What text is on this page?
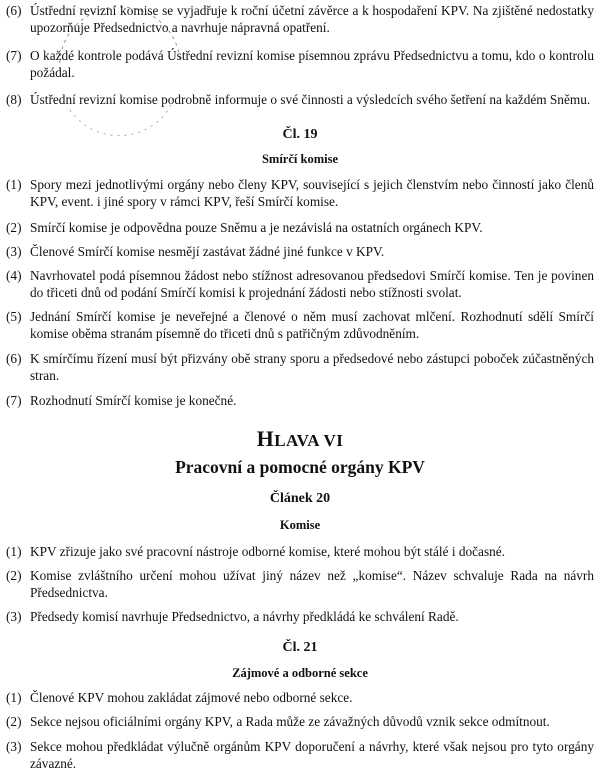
(6) Ústřední revizní komise se vyjadřuje k roční účetní závěrce a k hospodaření KPV. Na zjištěné nedostatky upozorňuje Předsednictvo a navrhuje nápravná opatření.
(7) O každé kontrole podává Ústřední revizní komise písemnou zprávu Předsednictvu a tomu, kdo o kontrolu požádal.
(8) Ústřední revizní komise podrobně informuje o své činnosti a výsledcích svého šetření na každém Sněmu.
Čl. 19
Smírčí komise
(1) Spory mezi jednotlivými orgány nebo členy KPV, související s jejich členstvím nebo činností jako členů KPV, event. i jiné spory v rámci KPV, řeší Smírčí komise.
(2) Smírčí komise je odpovědna pouze Sněmu a je nezávislá na ostatních orgánech KPV.
(3) Členové Smírčí komise nesmějí zastávat žádné jiné funkce v KPV.
(4) Navrhovatel podá písemnou žádost nebo stížnost adresovanou předsedovi Smírčí komise. Ten je povinen do třiceti dnů od podání Smírčí komisi k projednání žádosti nebo stížnosti svolat.
(5) Jednání Smírčí komise je neveřejné a členové o něm musí zachovat mlčení. Rozhodnutí sdělí Smírčí komise oběma stranám písemně do třiceti dnů s patřičným zdůvodněním.
(6) K smírčímu řízení musí být přizvány obě strany sporu a předsedové nebo zástupci poboček zúčastněných stran.
(7) Rozhodnutí Smírčí komise je konečné.
HLAVA VI
Pracovní a pomocné orgány KPV
Článek 20
Komise
(1) KPV zřizuje jako své pracovní nástroje odborné komise, které mohou být stálé i dočasné.
(2) Komise zvláštního určení mohou užívat jiný název než „komise“. Název schvaluje Rada na návrh Předsednictva.
(3) Předsedy komisí navrhuje Předsednictvo, a návrhy předkládá ke schválení Radě.
Čl. 21
Zájmové a odborné sekce
(1) Členové KPV mohou zakládat zájmové nebo odborné sekce.
(2) Sekce nejsou oficiálními orgány KPV, a Rada může ze závažných důvodů vznik sekce odmítnout.
(3) Sekce mohou předkládat výlučně orgánům KPV doporučení a návrhy, které však nejsou pro tyto orgány závazné.
